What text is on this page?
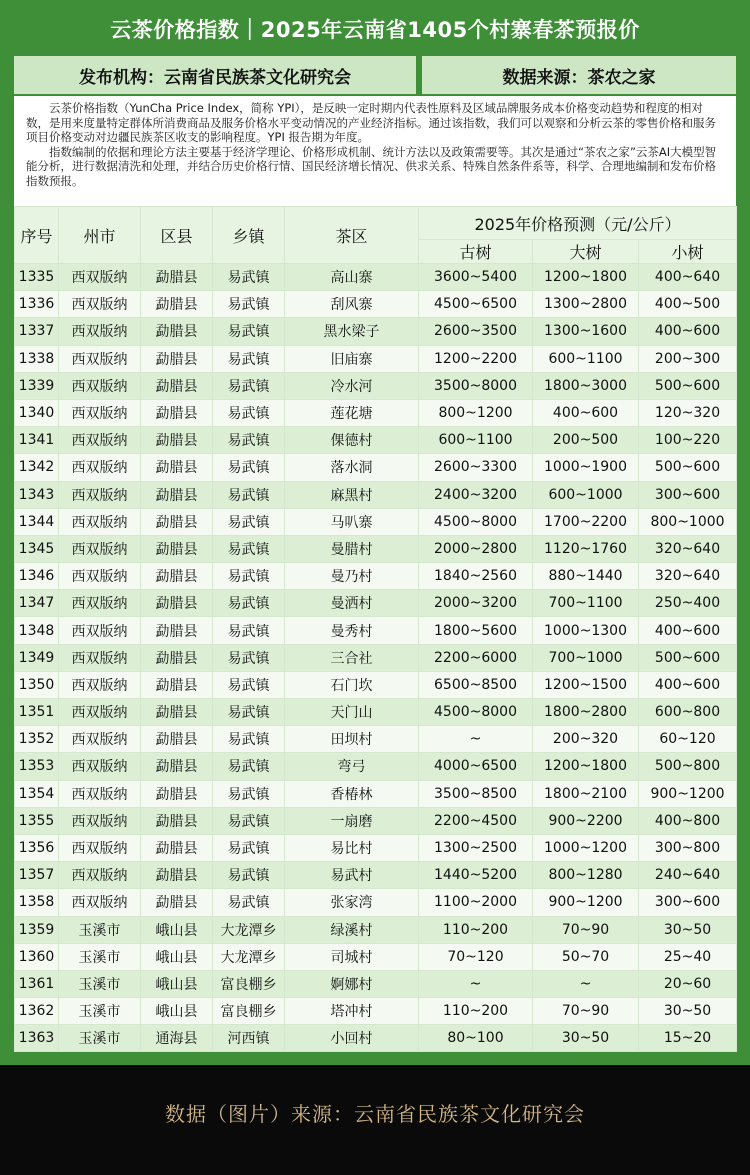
云茶价格指数｜2025年云南省1405个村寨春茶预报价
发布机构：云南省民族茶文化研究会	数据来源：茶农之家

云茶价格指数（YunCha Price Index，简称 YPI），是反映一定时期内代表性原料及区域品牌服务成本价格变动趋势和程度的相对数，是用来度量特定群体所消费商品及服务价格水平变动情况的产业经济指标。通过该指数，我们可以观察和分析云茶的零售价格和服务项目价格变动对边疆民族茶区收支的影响程度。YPI 报告期为年度。

指数编制的依据和理论方法主要基于经济学理论、价格形成机制、统计方法以及政策需要等。其次是通过“茶农之家”云茶AI大模型智能分析，进行数据清洗和处理，并结合历史价格行情、国民经济增长情况、供求关系、特殊自然条件系等，科学、合理地编制和发布价格指数预报。

序号	州市	区县	乡镇	茶区	2025年价格预测（元/公斤）		
					古树	大树	小树
1335	西双版纳	勐腊县	易武镇	高山寨	3600~5400	1200~1800	400~640
1336	西双版纳	勐腊县	易武镇	刮风寨	4500~6500	1300~2800	400~500
1337	西双版纳	勐腊县	易武镇	黑水梁子	2600~3500	1300~1600	400~600
1338	西双版纳	勐腊县	易武镇	旧庙寨	1200~2200	600~1100	200~300
1339	西双版纳	勐腊县	易武镇	冷水河	3500~8000	1800~3000	500~600
1340	西双版纳	勐腊县	易武镇	莲花塘	800~1200	400~600	120~320
1341	西双版纳	勐腊县	易武镇	倮德村	600~1100	200~500	100~220
1342	西双版纳	勐腊县	易武镇	落水洞	2600~3300	1000~1900	500~600
1343	西双版纳	勐腊县	易武镇	麻黑村	2400~3200	600~1000	300~600
1344	西双版纳	勐腊县	易武镇	马叭寨	4500~8000	1700~2200	800~1000
1345	西双版纳	勐腊县	易武镇	曼腊村	2000~2800	1120~1760	320~640
1346	西双版纳	勐腊县	易武镇	曼乃村	1840~2560	880~1440	320~640
1347	西双版纳	勐腊县	易武镇	曼洒村	2000~3200	700~1100	250~400
1348	西双版纳	勐腊县	易武镇	曼秀村	1800~5600	1000~1300	400~600
1349	西双版纳	勐腊县	易武镇	三合社	2200~6000	700~1000	500~600
1350	西双版纳	勐腊县	易武镇	石门坎	6500~8500	1200~1500	400~600
1351	西双版纳	勐腊县	易武镇	天门山	4500~8000	1800~2800	600~800
1352	西双版纳	勐腊县	易武镇	田坝村	~	200~320	60~120
1353	西双版纳	勐腊县	易武镇	弯弓	4000~6500	1200~1800	500~800
1354	西双版纳	勐腊县	易武镇	香椿林	3500~8500	1800~2100	900~1200
1355	西双版纳	勐腊县	易武镇	一扇磨	2200~4500	900~2200	400~800
1356	西双版纳	勐腊县	易武镇	易比村	1300~2500	1000~1200	300~800
1357	西双版纳	勐腊县	易武镇	易武村	1440~5200	800~1280	240~640
1358	西双版纳	勐腊县	易武镇	张家湾	1100~2000	900~1200	300~600
1359	玉溪市	峨山县	大龙潭乡	绿溪村	110~200	70~90	30~50
1360	玉溪市	峨山县	大龙潭乡	司城村	70~120	50~70	25~40
1361	玉溪市	峨山县	富良棚乡	婀娜村	~	~	20~60
1362	玉溪市	峨山县	富良棚乡	塔冲村	110~200	70~90	30~50
1363	玉溪市	通海县	河西镇	小回村	80~100	30~50	15~20
数据（图片）来源：云南省民族茶文化研究会
